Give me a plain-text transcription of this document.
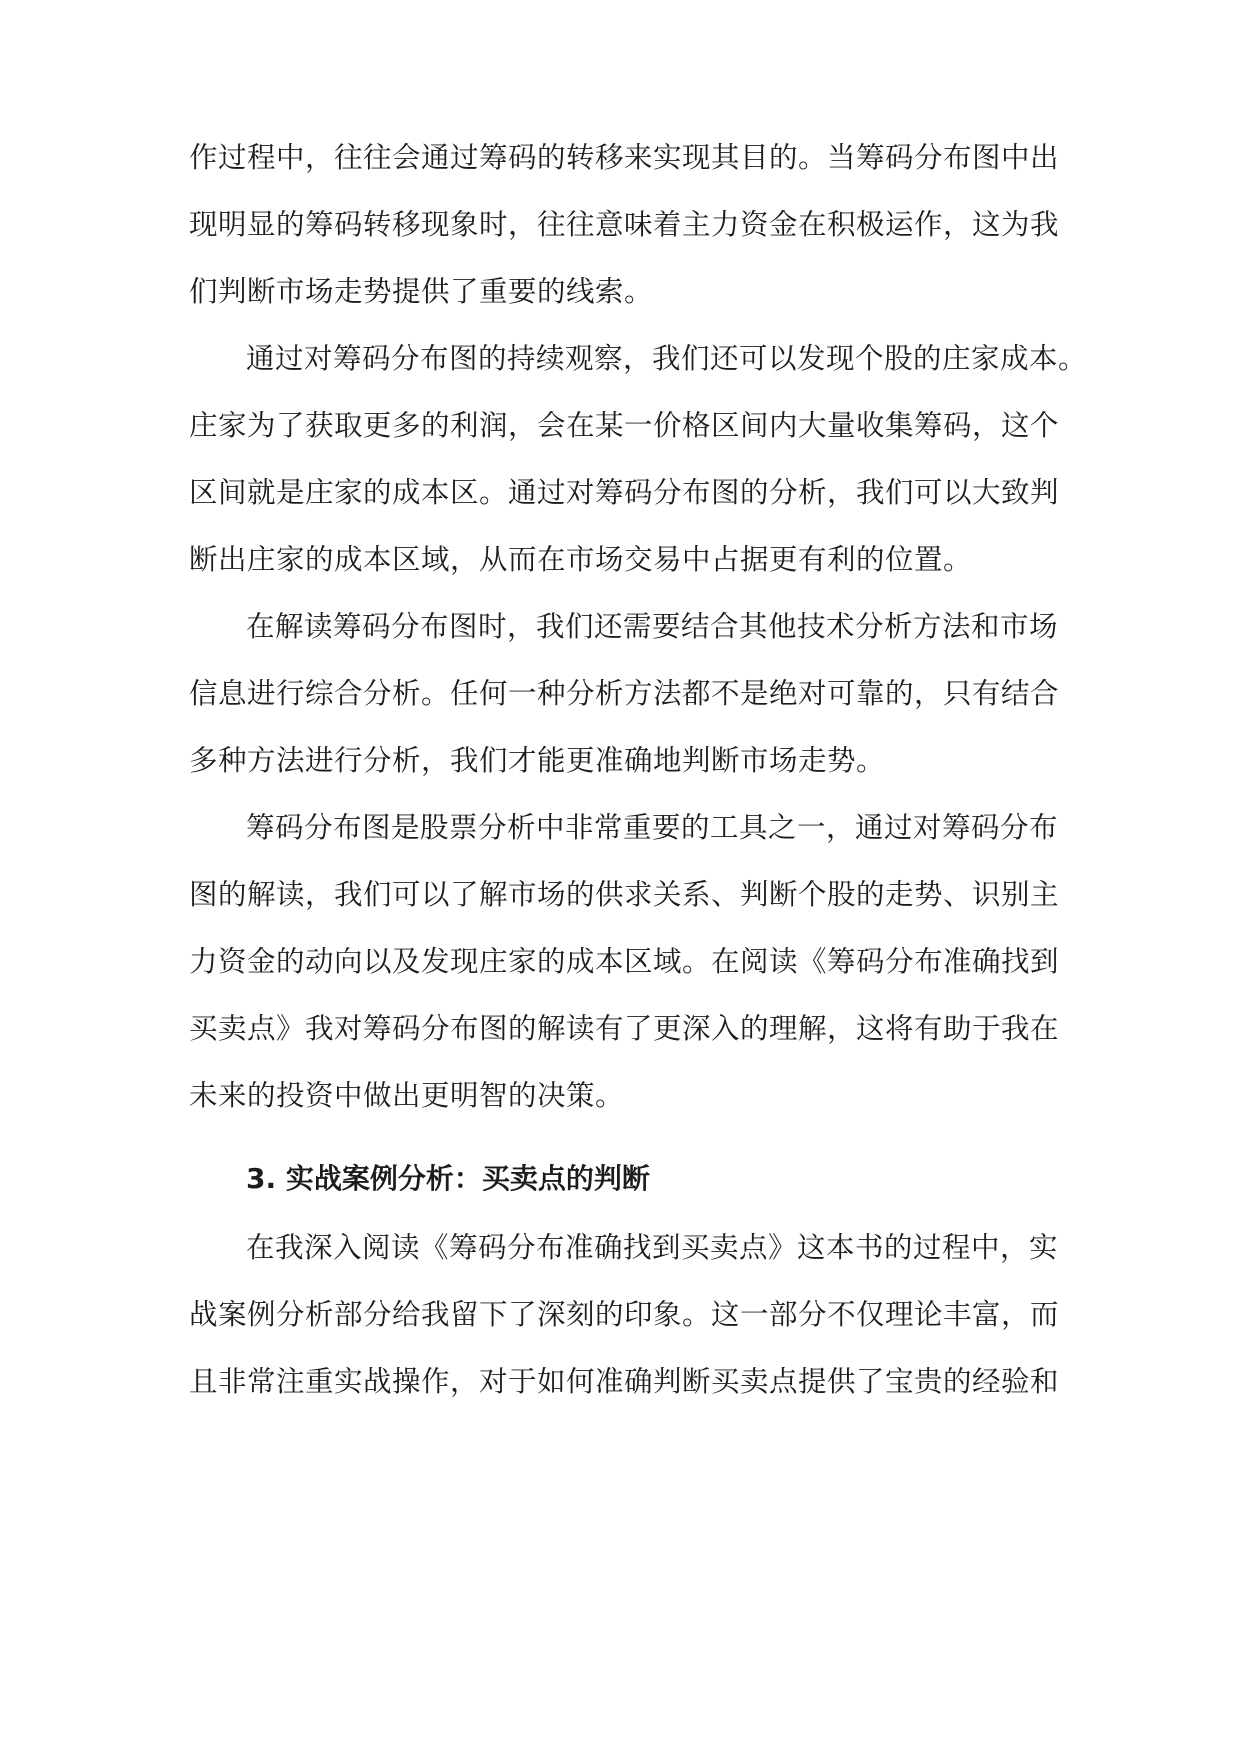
作过程中，往往会通过筹码的转移来实现其目的。当筹码分布图中出
现明显的筹码转移现象时，往往意味着主力资金在积极运作，这为我
们判断市场走势提供了重要的线索。
通过对筹码分布图的持续观察，我们还可以发现个股的庄家成本。
庄家为了获取更多的利润，会在某一价格区间内大量收集筹码，这个
区间就是庄家的成本区。通过对筹码分布图的分析，我们可以大致判
断出庄家的成本区域，从而在市场交易中占据更有利的位置。
在解读筹码分布图时，我们还需要结合其他技术分析方法和市场
信息进行综合分析。任何一种分析方法都不是绝对可靠的，只有结合
多种方法进行分析，我们才能更准确地判断市场走势。
筹码分布图是股票分析中非常重要的工具之一，通过对筹码分布
图的解读，我们可以了解市场的供求关系、判断个股的走势、识别主
力资金的动向以及发现庄家的成本区域。在阅读《筹码分布准确找到
买卖点》我对筹码分布图的解读有了更深入的理解，这将有助于我在
未来的投资中做出更明智的决策。
3. 实战案例分析：买卖点的判断
在我深入阅读《筹码分布准确找到买卖点》这本书的过程中，实
战案例分析部分给我留下了深刻的印象。这一部分不仅理论丰富，而
且非常注重实战操作，对于如何准确判断买卖点提供了宝贵的经验和
